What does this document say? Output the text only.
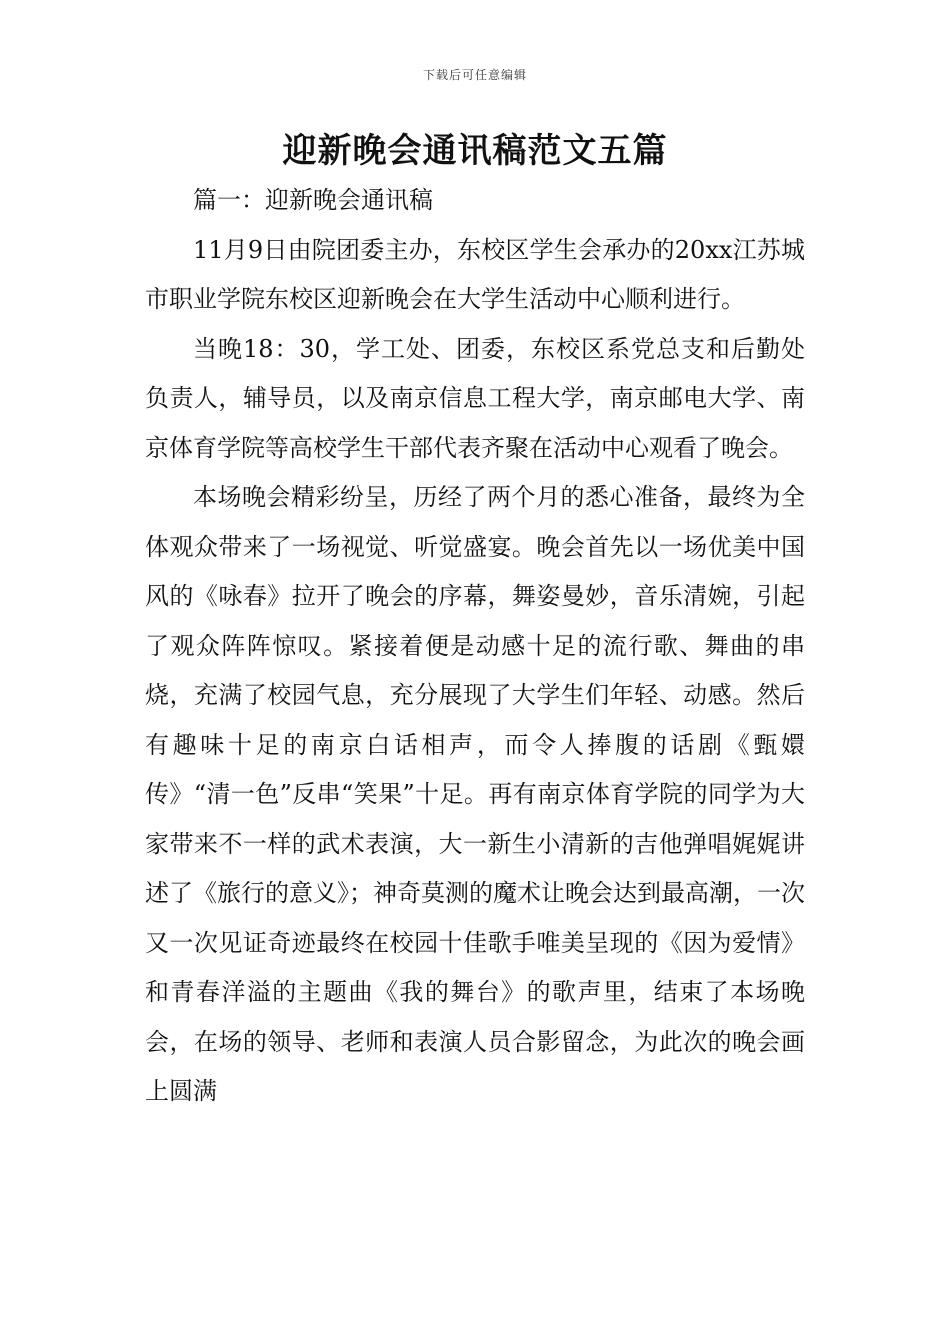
下载后可任意编辑
迎新晚会通讯稿范文五篇

篇一：迎新晚会通讯稿

11月9日由院团委主办，东校区学生会承办的20xx江苏城市职业学院东校区迎新晚会在大学生活动中心顺利进行。

当晚18：30，学工处、团委，东校区系党总支和后勤处负责人，辅导员，以及南京信息工程大学，南京邮电大学、南京体育学院等高校学生干部代表齐聚在活动中心观看了晚会。

本场晚会精彩纷呈，历经了两个月的悉心准备，最终为全体观众带来了一场视觉、听觉盛宴。晚会首先以一场优美中国风的《咏春》拉开了晚会的序幕，舞姿曼妙，音乐清婉，引起了观众阵阵惊叹。紧接着便是动感十足的流行歌、舞曲的串烧，充满了校园气息，充分展现了大学生们年轻、动感。然后有趣味十足的南京白话相声，而令人捧腹的话剧《甄嬛传》“清一色”反串“笑果”十足。再有南京体育学院的同学为大家带来不一样的武术表演，大一新生小清新的吉他弹唱娓娓讲述了《旅行的意义》；神奇莫测的魔术让晚会达到最高潮，一次又一次见证奇迹最终在校园十佳歌手唯美呈现的《因为爱情》和青春洋溢的主题曲《我的舞台》的歌声里，结束了本场晚会，在场的领导、老师和表演人员合影留念，为此次的晚会画上圆满
